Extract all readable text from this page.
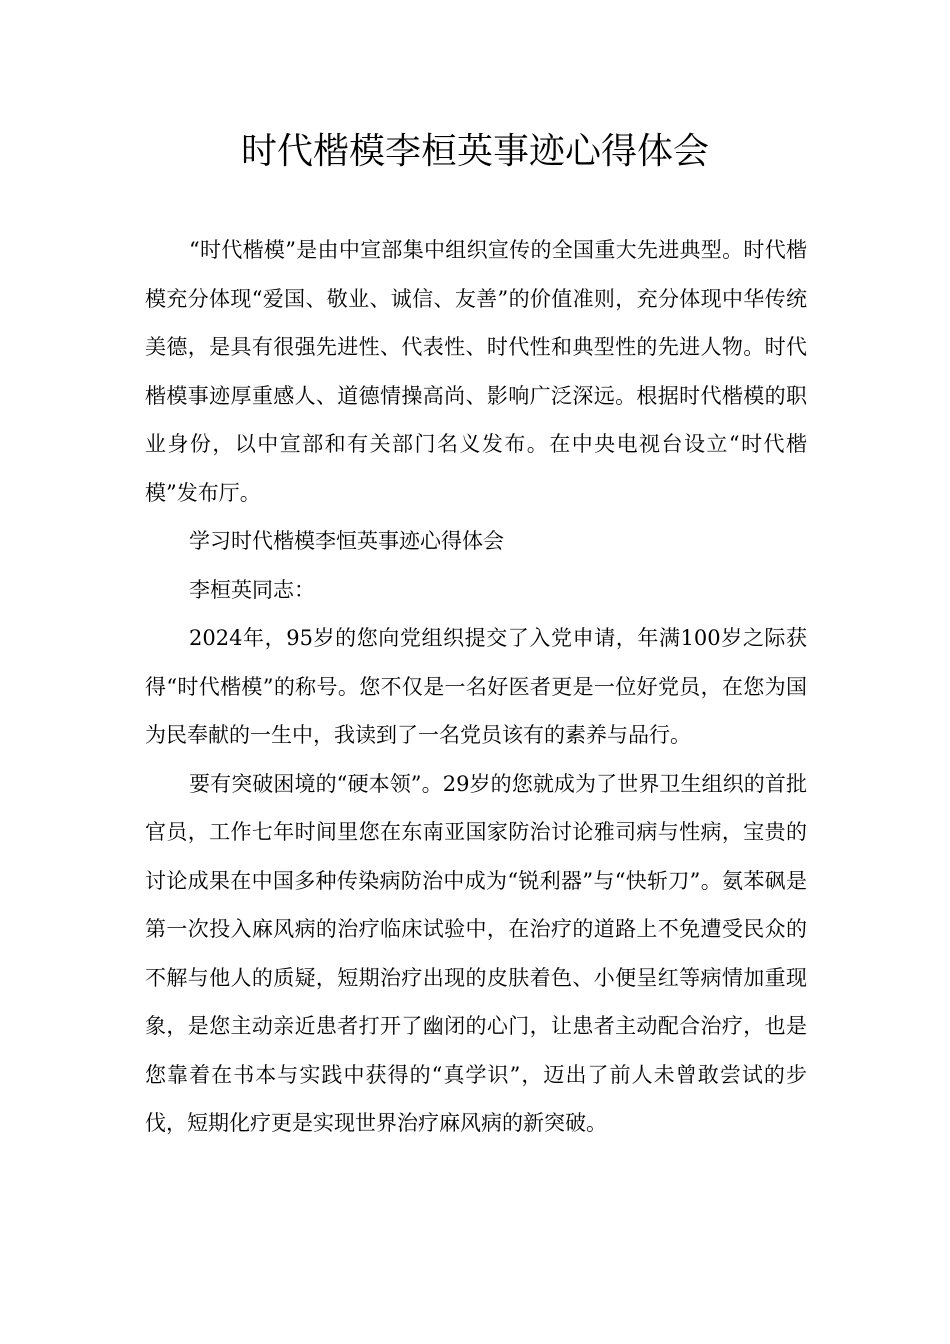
时代楷模李桓英事迹心得体会

“时代楷模”是由中宣部集中组织宣传的全国重大先进典型。时代楷模充分体现“爱国、敬业、诚信、友善”的价值准则，充分体现中华传统美德，是具有很强先进性、代表性、时代性和典型性的先进人物。时代楷模事迹厚重感人、道德情操高尚、影响广泛深远。根据时代楷模的职业身份，以中宣部和有关部门名义发布。在中央电视台设立“时代楷模”发布厅。

学习时代楷模李恒英事迹心得体会

李桓英同志：

2024年，95岁的您向党组织提交了入党申请，年满100岁之际获得“时代楷模”的称号。您不仅是一名好医者更是一位好党员，在您为国为民奉献的一生中，我读到了一名党员该有的素养与品行。

要有突破困境的“硬本领”。29岁的您就成为了世界卫生组织的首批官员，工作七年时间里您在东南亚国家防治讨论雅司病与性病，宝贵的讨论成果在中国多种传染病防治中成为“锐利器”与“快斩刀”。氨苯砜是第一次投入麻风病的治疗临床试验中，在治疗的道路上不免遭受民众的不解与他人的质疑，短期治疗出现的皮肤着色、小便呈红等病情加重现象，是您主动亲近患者打开了幽闭的心门，让患者主动配合治疗，也是您靠着在书本与实践中获得的“真学识”，迈出了前人未曾敢尝试的步伐，短期化疗更是实现世界治疗麻风病的新突破。
